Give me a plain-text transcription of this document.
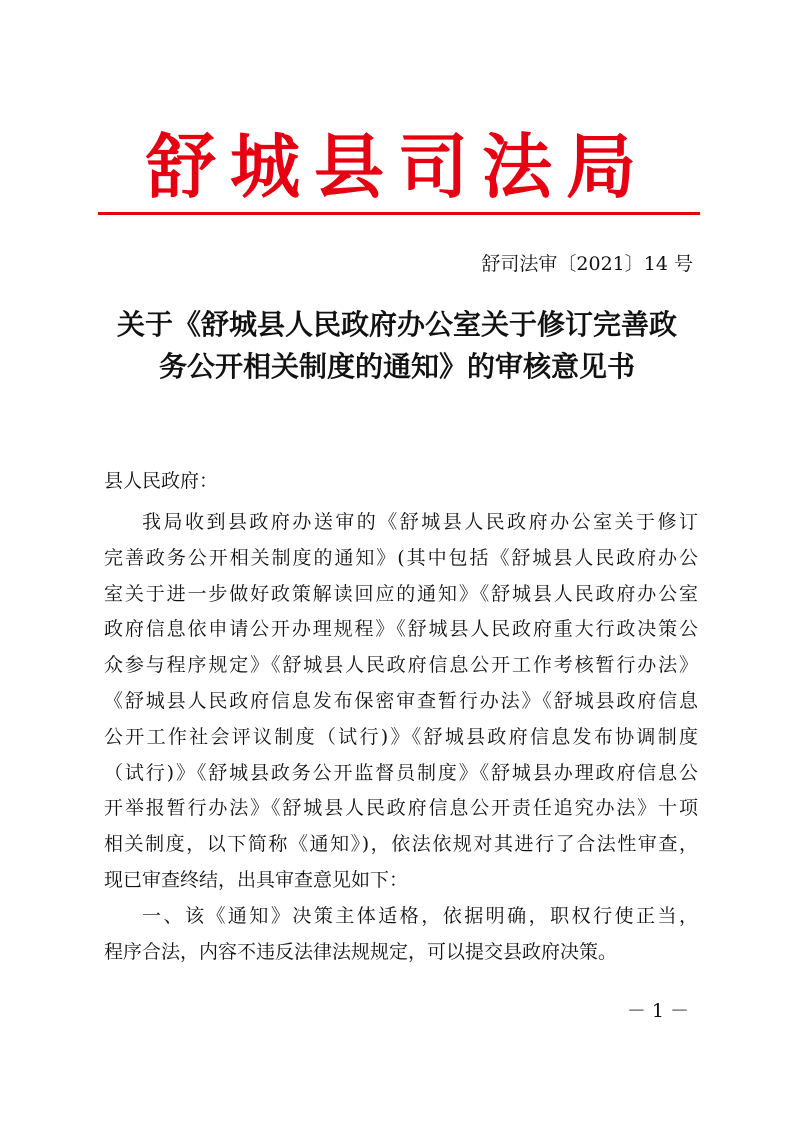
舒城县司法局
舒司法审〔2021〕14 号
关于《舒城县人民政府办公室关于修订完善政
务公开相关制度的通知》的审核意见书
县人民政府：
我局收到县政府办送审的《舒城县人民政府办公室关于修订
完善政务公开相关制度的通知》(其中包括《舒城县人民政府办公
室关于进一步做好政策解读回应的通知》《舒城县人民政府办公室
政府信息依申请公开办理规程》《舒城县人民政府重大行政决策公
众参与程序规定》《舒城县人民政府信息公开工作考核暂行办法》
《舒城县人民政府信息发布保密审查暂行办法》《舒城县政府信息
公开工作社会评议制度（试行)》《舒城县政府信息发布协调制度
（试行)》《舒城县政务公开监督员制度》《舒城县办理政府信息公
开举报暂行办法》《舒城县人民政府信息公开责任追究办法》十项
相关制度，以下简称《通知》)，依法依规对其进行了合法性审查，
现已审查终结，出具审查意见如下：
一、该《通知》决策主体适格，依据明确，职权行使正当，
程序合法，内容不违反法律法规规定，可以提交县政府决策。
－ 1 －
